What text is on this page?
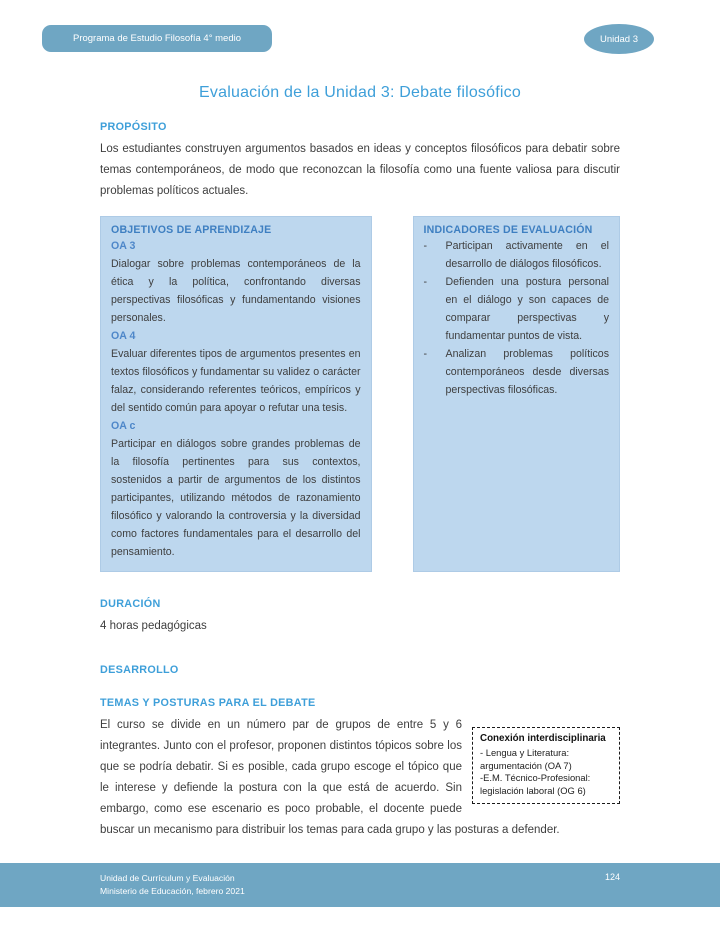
Programa de Estudio Filosofía 4° medio	Unidad 3
Evaluación de la Unidad 3: Debate filosófico
PROPÓSITO

Los estudiantes construyen argumentos basados en ideas y conceptos filosóficos para debatir sobre temas contemporáneos, de modo que reconozcan la filosofía como una fuente valiosa para discutir problemas políticos actuales.

OBJETIVOS DE APRENDIZAJE

OA 3

Dialogar sobre problemas contemporáneos de la ética y la política, confrontando diversas perspectivas filosóficas y fundamentando visiones personales.

OA 4

Evaluar diferentes tipos de argumentos presentes en textos filosóficos y fundamentar su validez o carácter falaz, considerando referentes teóricos, empíricos y del sentido común para apoyar o refutar una tesis.

OA c

Participar en diálogos sobre grandes problemas de la filosofía pertinentes para sus contextos, sostenidos a partir de argumentos de los distintos participantes, utilizando métodos de razonamiento filosófico y valorando la controversia y la diversidad como factores fundamentales para el desarrollo del pensamiento.

INDICADORES DE EVALUACIÓN
-	Participan activamente en el desarrollo de diálogos filosóficos.
-	Defienden una postura personal en el diálogo y son capaces de comparar perspectivas y fundamentar puntos de vista.
-	Analizan problemas políticos contemporáneos desde diversas perspectivas filosóficas.
DURACIÓN

4 horas pedagógicas

DESARROLLO
TEMAS Y POSTURAS PARA EL DEBATE
Conexión interdisciplinaria
- Lengua y Literatura: argumentación (OA 7)
-E.M. Técnico-Profesional: legislación laboral (OG 6)

El curso se divide en un número par de grupos de entre 5 y 6 integrantes. Junto con el profesor, proponen distintos tópicos sobre los que se podría debatir. Si es posible, cada grupo escoge el tópico que le interese y defiende la postura con la que está de acuerdo. Sin embargo, como ese escenario es poco probable, el docente puede buscar un mecanismo para distribuir los temas para cada grupo y las posturas a defender.

Unidad de Currículum y Evaluación
Ministerio de Educación, febrero 2021
124
